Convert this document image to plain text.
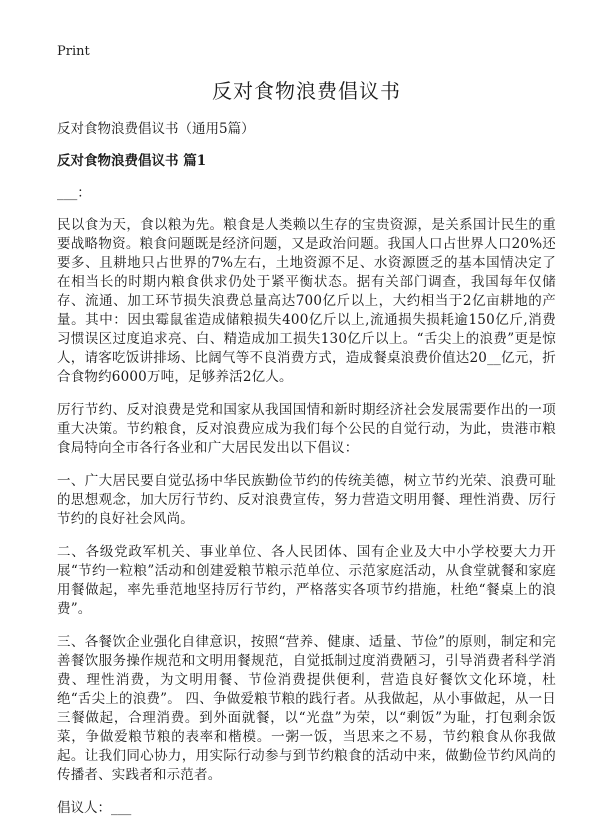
Print
反对食物浪费倡议书
反对食物浪费倡议书（通用5篇）
反对食物浪费倡议书 篇1
___：

民以食为天，食以粮为先。粮食是人类赖以生存的宝贵资源，是关系国计民生的重要战略物资。粮食问题既是经济问题，又是政治问题。我国人口占世界人口20%还要多、且耕地只占世界的7%左右，土地资源不足、水资源匮乏的基本国情决定了在相当长的时期内粮食供求仍处于紧平衡状态。据有关部门调查，我国每年仅储存、流通、加工环节损失浪费总量高达700亿斤以上，大约相当于2亿亩耕地的产量。其中：因虫霉鼠雀造成储粮损失400亿斤以上,流通损失损耗逾150亿斤,消费习惯误区过度追求亮、白、精造成加工损失130亿斤以上。“舌尖上的浪费”更是惊人，请客吃饭讲排场、比阔气等不良消费方式，造成餐桌浪费价值达20__亿元，折合食物约6000万吨，足够养活2亿人。

厉行节约、反对浪费是党和国家从我国国情和新时期经济社会发展需要作出的一项重大决策。节约粮食，反对浪费应成为我们每个公民的自觉行动，为此，贵港市粮食局特向全市各行各业和广大居民发出以下倡议：

一、广大居民要自觉弘扬中华民族勤俭节约的传统美德，树立节约光荣、浪费可耻的思想观念，加大厉行节约、反对浪费宣传，努力营造文明用餐、理性消费、厉行节约的良好社会风尚。

二、各级党政军机关、事业单位、各人民团体、国有企业及大中小学校要大力开展“节约一粒粮”活动和创建爱粮节粮示范单位、示范家庭活动，从食堂就餐和家庭用餐做起，率先垂范地坚持厉行节约，严格落实各项节约措施，杜绝“餐桌上的浪费”。

三、各餐饮企业强化自律意识，按照“营养、健康、适量、节俭”的原则，制定和完善餐饮服务操作规范和文明用餐规范，自觉抵制过度消费陋习，引导消费者科学消费、理性消费，为文明用餐、节俭消费提供便利，营造良好餐饮文化环境，杜绝“舌尖上的浪费”。 四、争做爱粮节粮的践行者。从我做起，从小事做起，从一日三餐做起，合理消费。到外面就餐，以“光盘”为荣，以“剩饭”为耻，打包剩余饭菜，争做爱粮节粮的表率和楷模。一粥一饭，当思来之不易，节约粮食从你我做起。让我们同心协力，用实际行动参与到节约粮食的活动中来，做勤俭节约风尚的传播者、实践者和示范者。

倡议人：___
